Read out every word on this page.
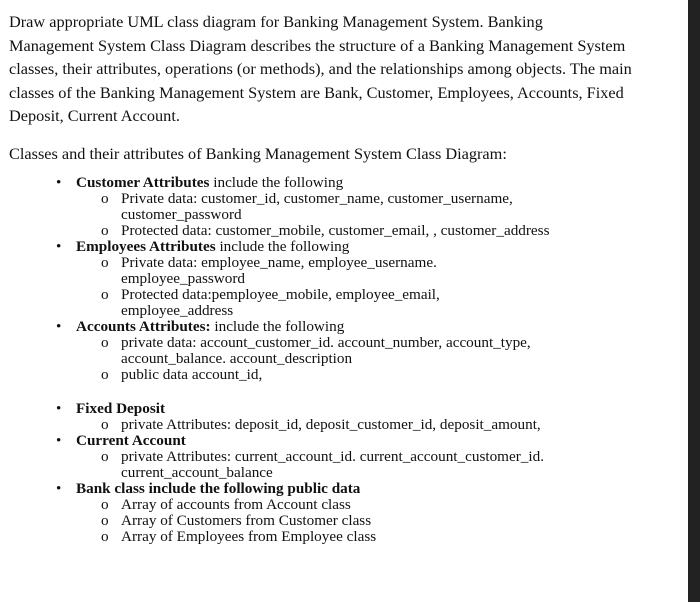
Draw appropriate UML class diagram for Banking Management System. Banking
Management System Class Diagram describes the structure of a Banking Management System
classes, their attributes, operations (or methods), and the relationships among objects. The main
classes of the Banking Management System are Bank, Customer, Employees, Accounts, Fixed
Deposit, Current Account.

Classes and their attributes of Banking Management System Class Diagram:

• Customer Attributes include the following
o Private data: customer_id, customer_name, customer_username,
customer_password
o Protected data: customer_mobile, customer_email, , customer_address
• Employees Attributes include the following
o Private data: employee_name, employee_username.
employee_password
o Protected data:pemployee_mobile, employee_email,
employee_address
• Accounts Attributes: include the following
o private data: account_customer_id. account_number, account_type,
account_balance. account_description
o public data account_id,
• Fixed Deposit
o private Attributes: deposit_id, deposit_customer_id, deposit_amount,
• Current Account
o private Attributes: current_account_id. current_account_customer_id.
current_account_balance
• Bank class include the following public data
o Array of accounts from Account class
o Array of Customers from Customer class
o Array of Employees from Employee class
